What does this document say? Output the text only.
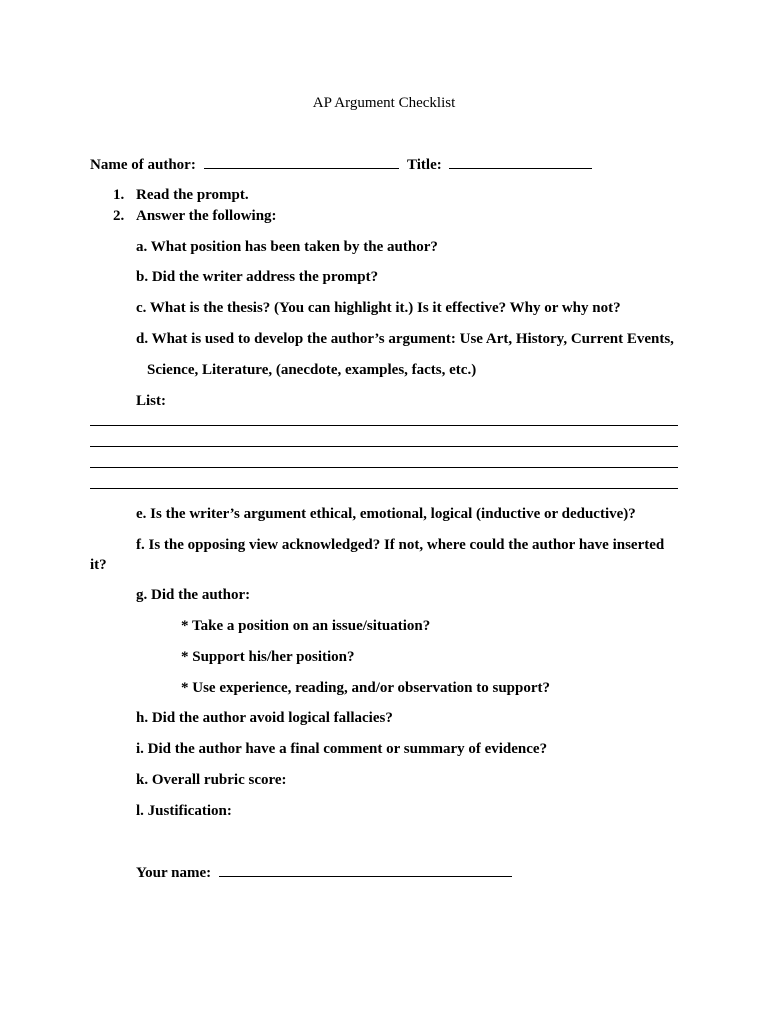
AP Argument Checklist
Name of author:	Title:
1. Read the prompt.
2. Answer the following:
a. What position has been taken by the author?
b. Did the writer address the prompt?
c. What is the thesis? (You can highlight it.) Is it effective? Why or why not?
d. What is used to develop the author’s argument: Use Art, History, Current Events,
Science, Literature, (anecdote, examples, facts, etc.)
List:
e. Is the writer’s argument ethical, emotional, logical (inductive or deductive)?
f. Is the opposing view acknowledged? If not, where could the author have inserted
it?
g. Did the author:
* Take a position on an issue/situation?
* Support his/her position?
* Use experience, reading, and/or observation to support?
h. Did the author avoid logical fallacies?
i. Did the author have a final comment or summary of evidence?
k. Overall rubric score:
l. Justification:
Your name:
